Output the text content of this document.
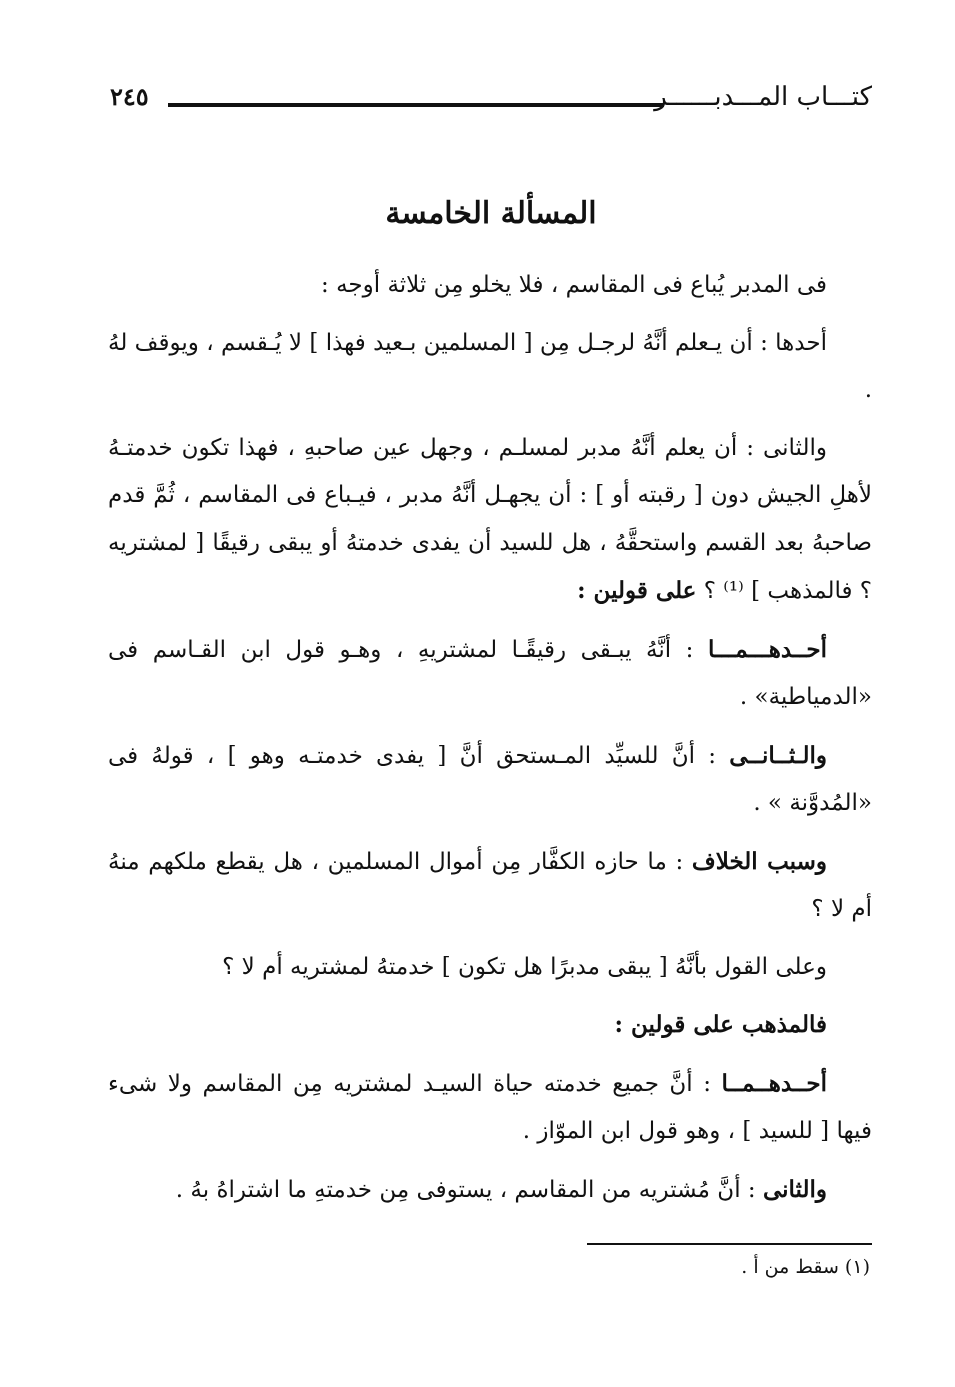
كتـــاب المـــدبــــــر
٢٤٥
المسألة الخامسة

فى المدبر يُباع فى المقاسم ، فلا يخلو مِن ثلاثة أوجه :

أحدها : أن يـعلم أنَّهُ لرجـل مِن [ المسلمين بـعيد فهذا ] لا يُـقسم ، ويوقف لهُ .

والثانى : أن يعلم أنَّهُ مدبر لمسلـم ، وجهل عين صاحبهِ ، فهذا تكون خدمتـهُ لأهلِ الجيش دون [ رقبته أو ] : أن يجهـل أنَّهُ مدبر ، فيـباع فى المقاسم ، ثُمَّ قدم صاحبهُ بعد القسم واستحقَّهُ ، هل للسيد أن يفدى خدمتهُ أو يبقى رقيقًا [ لمشتريه ؟ فالمذهب ] ⁽¹⁾ ؟ على قولين :

أحــدهـــمـــا : أنَّهُ يبـقى رقيقًـا لمشتريهِ ، وهـو قول ابن القـاسم فى «الدمياطية» .

والـثــانــى : أنَّ للسيِّد المـستحق أنَّ [ يفدى خدمتـه وهو ] ، قولهُ فى «المُدوَّنة » .

وسبب الخلاف : ما حازه الكفَّار مِن أموال المسلمين ، هل يقطع ملكهم منهُ أم لا ؟

وعلى القول بأنَّهُ [ يبقى مدبرًا هل تكون ] خدمتهُ لمشتريه أم لا ؟

فالمذهب على قولين :

أحــدهــمــا : أنَّ جميع خدمته حياة السيـد لمشتريه مِن المقاسم ولا شىء فيها [ للسيد ] ، وهو قول ابن الموّاز .

والثانى : أنَّ مُشتريه من المقاسم ، يستوفى مِن خدمتهِ ما اشتراهُ بهُ .

(١) سقط من أ .
